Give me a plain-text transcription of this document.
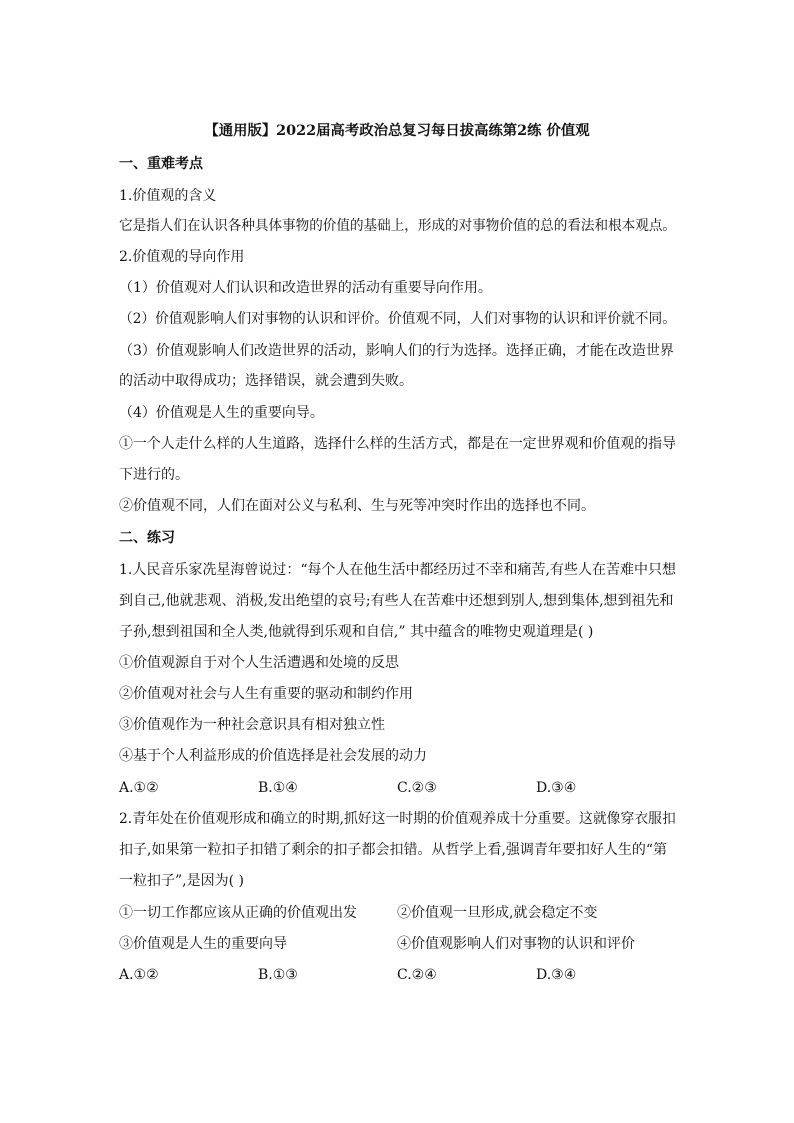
【通用版】2022届高考政治总复习每日拔高练第2练 价值观
一、重难考点
1.价值观的含义
它是指人们在认识各种具体事物的价值的基础上，形成的对事物价值的总的看法和根本观点。
2.价值观的导向作用
（1）价值观对人们认识和改造世界的活动有重要导向作用。
（2）价值观影响人们对事物的认识和评价。价值观不同，人们对事物的认识和评价就不同。
（3）价值观影响人们改造世界的活动，影响人们的行为选择。选择正确，才能在改造世界
的活动中取得成功；选择错误，就会遭到失败。
（4）价值观是人生的重要向导。
①一个人走什么样的人生道路，选择什么样的生活方式，都是在一定世界观和价值观的指导
下进行的。
②价值观不同，人们在面对公义与私利、生与死等冲突时作出的选择也不同。
二、练习
1.人民音乐家冼星海曾说过：“每个人在他生活中都经历过不幸和痛苦,有些人在苦难中只想
到自己,他就悲观、消极,发出绝望的哀号;有些人在苦难中还想到别人,想到集体,想到祖先和
子孙,想到祖国和全人类,他就得到乐观和自信,” 其中蕴含的唯物史观道理是( )
①价值观源自于对个人生活遭遇和处境的反思
②价值观对社会与人生有重要的驱动和制约作用
③价值观作为一种社会意识具有相对独立性
④基于个人利益形成的价值选择是社会发展的动力
A.①②	B.①④	C.②③	D.③④
2.青年处在价值观形成和确立的时期,抓好这一时期的价值观养成十分重要。这就像穿衣服扣
扣子,如果第一粒扣子扣错了剩余的扣子都会扣错。从哲学上看,强调青年要扣好人生的“第
一粒扣子”,是因为( )
①一切工作都应该从正确的价值观出发	②价值观一旦形成,就会稳定不变
③价值观是人生的重要向导	④价值观影响人们对事物的认识和评价
A.①②	B.①③	C.②④	D.③④
